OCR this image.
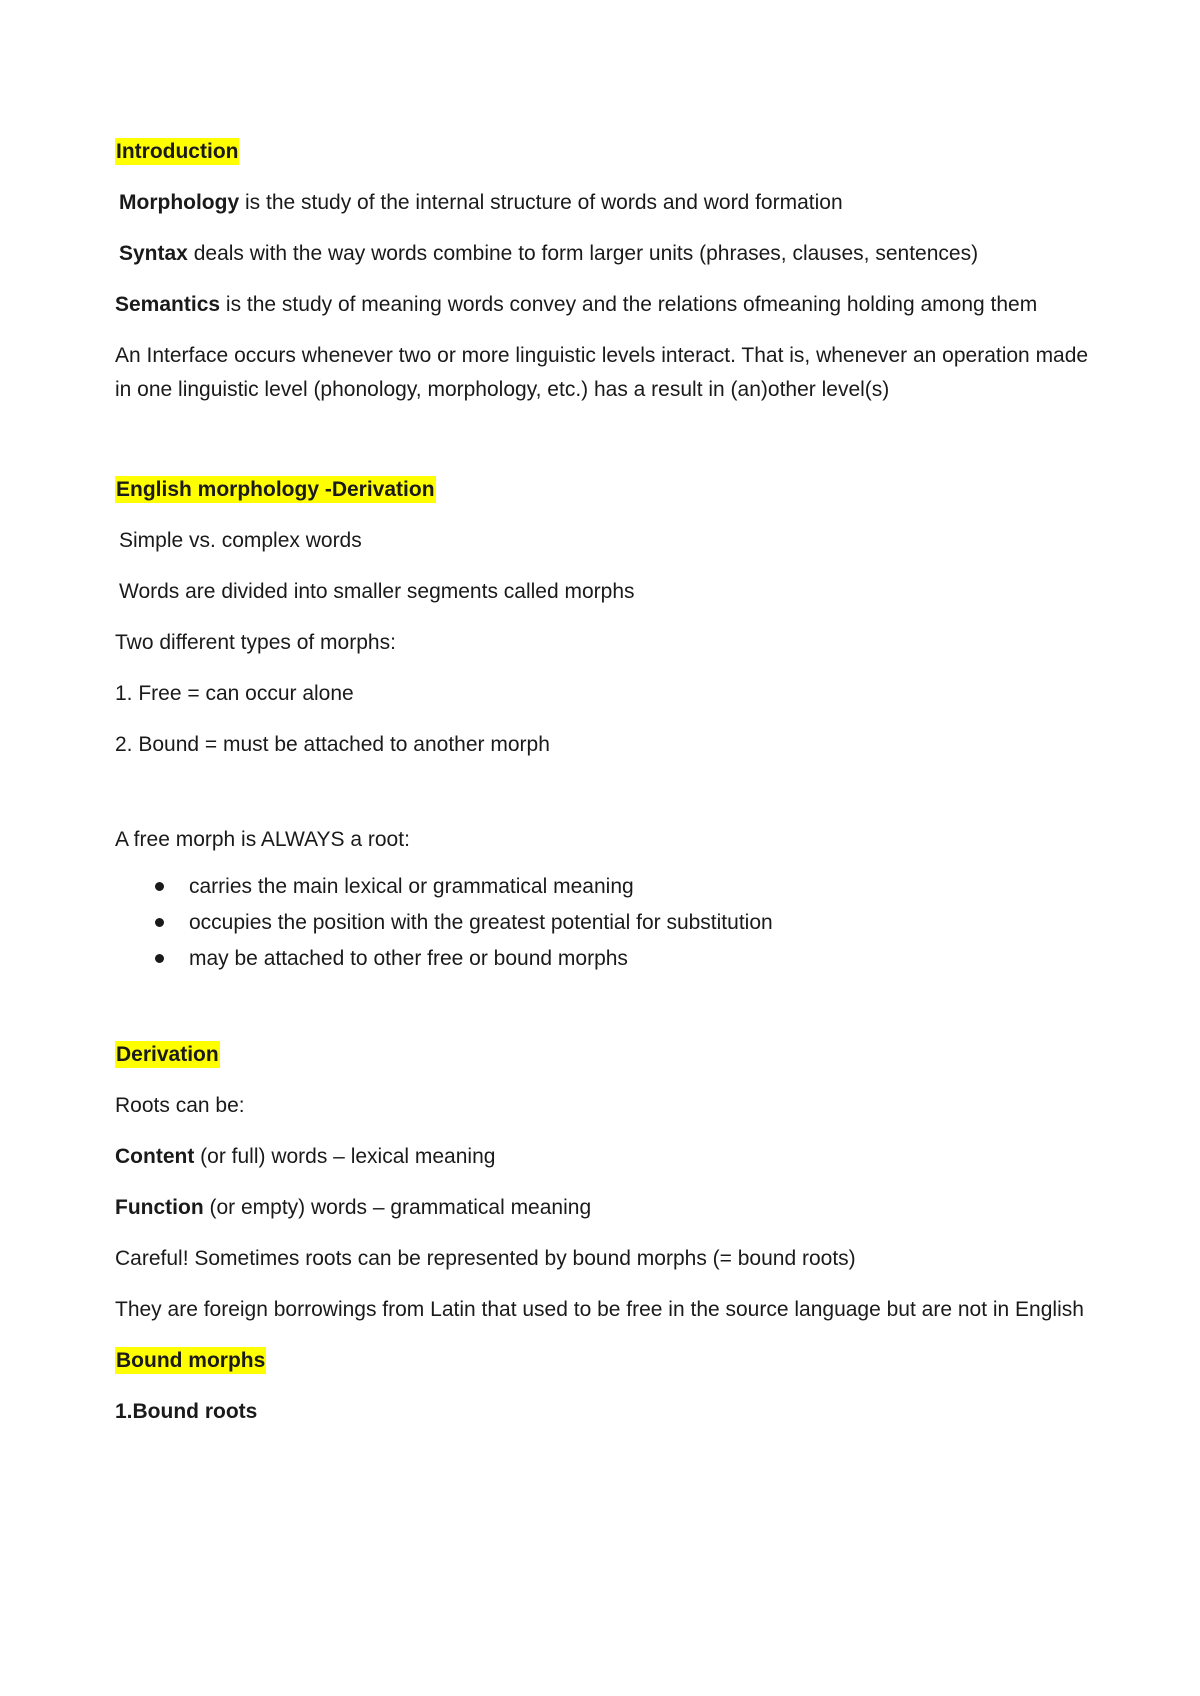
Introduction

Morphology is the study of the internal structure of words and word formation

Syntax deals with the way words combine to form larger units (phrases, clauses, sentences)

Semantics is the study of meaning words convey and the relations ofmeaning holding among them

An Interface occurs whenever two or more linguistic levels interact. That is, whenever an operation made in one linguistic level (phonology, morphology, etc.) has a result in (an)other level(s)

English morphology -Derivation

Simple vs. complex words

Words are divided into smaller segments called morphs

Two different types of morphs:

1. Free = can occur alone

2. Bound = must be attached to another morph

A free morph is ALWAYS a root:

carries the main lexical or grammatical meaning
occupies the position with the greatest potential for substitution
may be attached to other free or bound morphs

Derivation

Roots can be:

Content (or full) words – lexical meaning

Function (or empty) words – grammatical meaning

Careful! Sometimes roots can be represented by bound morphs (= bound roots)

They are foreign borrowings from Latin that used to be free in the source language but are not in English

Bound morphs

1.Bound roots
